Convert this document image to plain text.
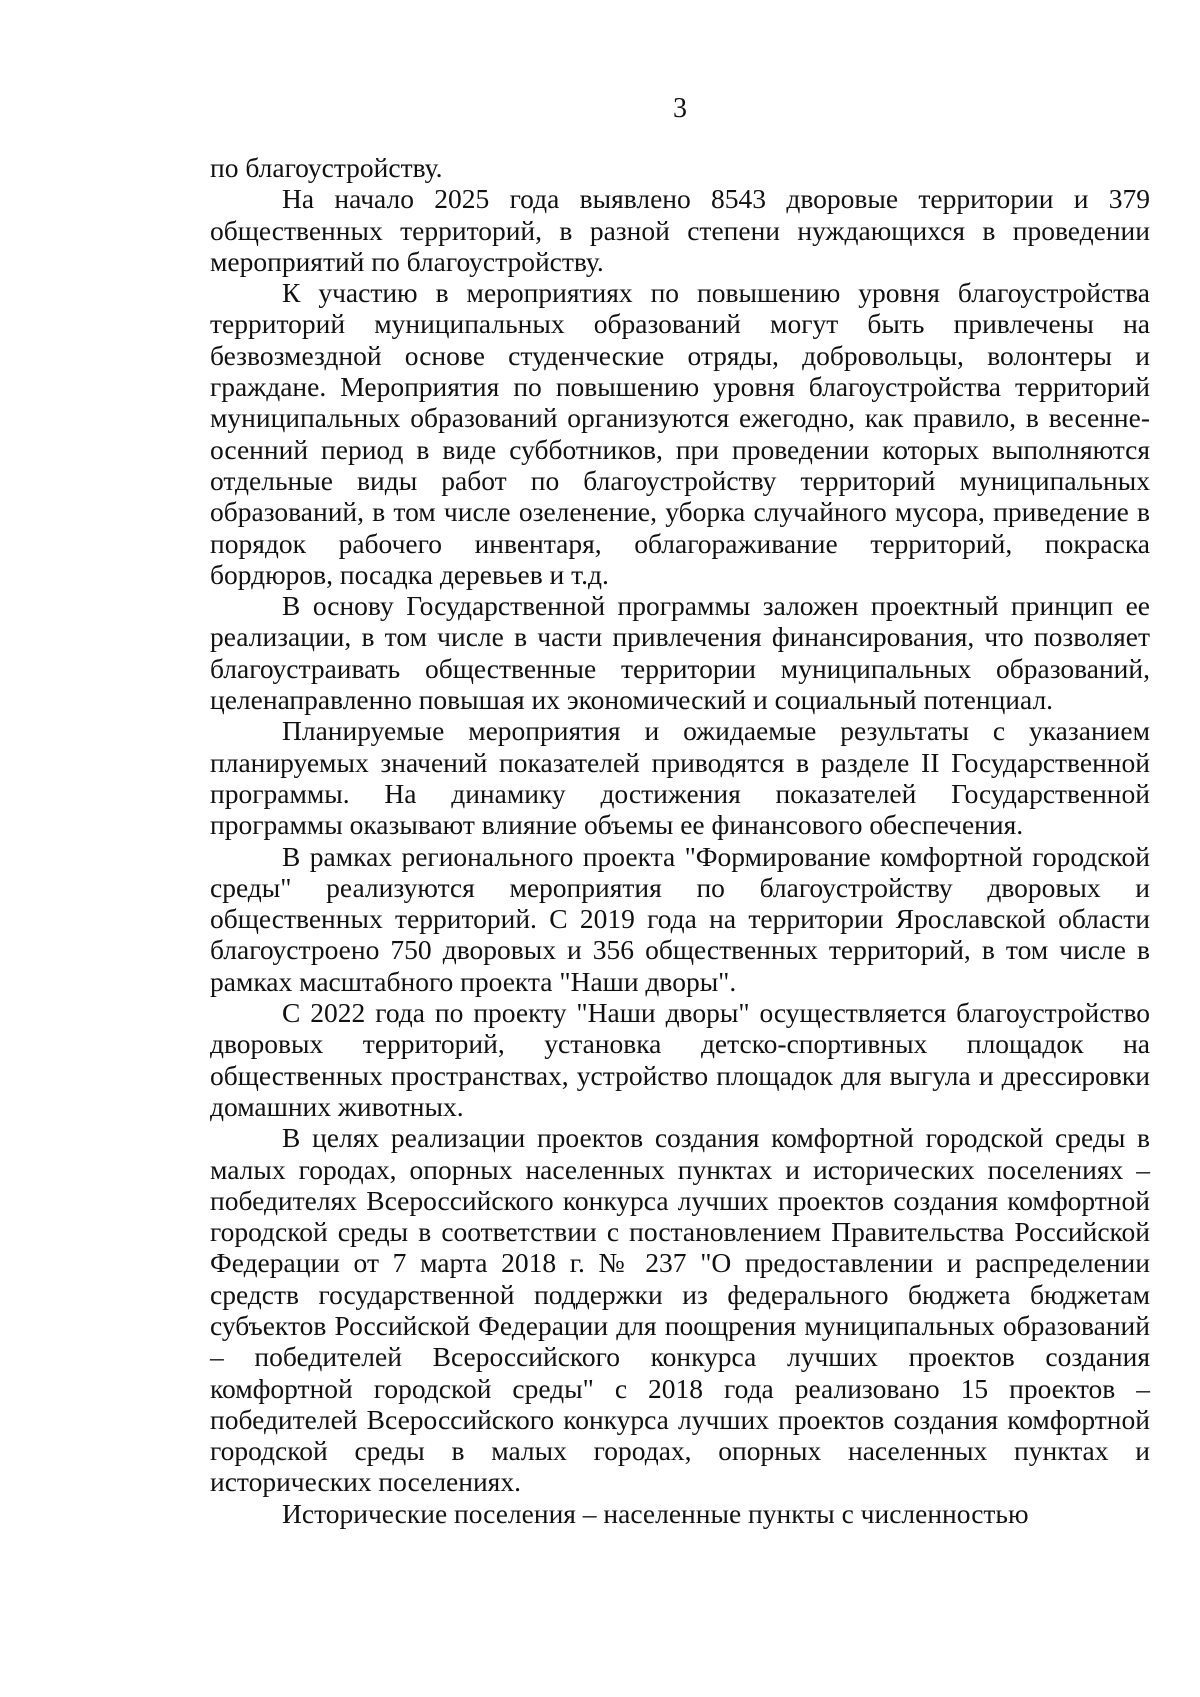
3

по благоустройству.

На начало 2025 года выявлено 8543 дворовые территории и 379 общественных территорий, в разной степени нуждающихся в проведении мероприятий по благоустройству.

К участию в мероприятиях по повышению уровня благоустройства территорий муниципальных образований могут быть привлечены на безвозмездной основе студенческие отряды, добровольцы, волонтеры и граждане. Мероприятия по повышению уровня благоустройства территорий муниципальных образований организуются ежегодно, как правило, в весенне-осенний период в виде субботников, при проведении которых выполняются отдельные виды работ по благоустройству территорий муниципальных образований, в том числе озеленение, уборка случайного мусора, приведение в порядок рабочего инвентаря, облагораживание территорий, покраска бордюров, посадка деревьев и т.д.

В основу Государственной программы заложен проектный принцип ее реализации, в том числе в части привлечения финансирования, что позволяет благоустраивать общественные территории муниципальных образований, целенаправленно повышая их экономический и социальный потенциал.

Планируемые мероприятия и ожидаемые результаты с указанием планируемых значений показателей приводятся в разделе II Государственной программы. На динамику достижения показателей Государственной программы оказывают влияние объемы ее финансового обеспечения.

В рамках регионального проекта "Формирование комфортной городской среды" реализуются мероприятия по благоустройству дворовых и общественных территорий. С 2019 года на территории Ярославской области благоустроено 750 дворовых и 356 общественных территорий, в том числе в рамках масштабного проекта "Наши дворы".

С 2022 года по проекту "Наши дворы" осуществляется благоустройство дворовых территорий, установка детско-спортивных площадок на общественных пространствах, устройство площадок для выгула и дрессировки домашних животных.

В целях реализации проектов создания комфортной городской среды в малых городах, опорных населенных пунктах и исторических поселениях – победителях Всероссийского конкурса лучших проектов создания комфортной городской среды в соответствии с постановлением Правительства Российской Федерации от 7 марта 2018 г. № 237 "О предоставлении и распределении средств государственной поддержки из федерального бюджета бюджетам субъектов Российской Федерации для поощрения муниципальных образований – победителей Всероссийского конкурса лучших проектов создания комфортной городской среды" с 2018 года реализовано 15 проектов – победителей Всероссийского конкурса лучших проектов создания комфортной городской среды в малых городах, опорных населенных пунктах и исторических поселениях.

Исторические поселения – населенные пункты с численностью
